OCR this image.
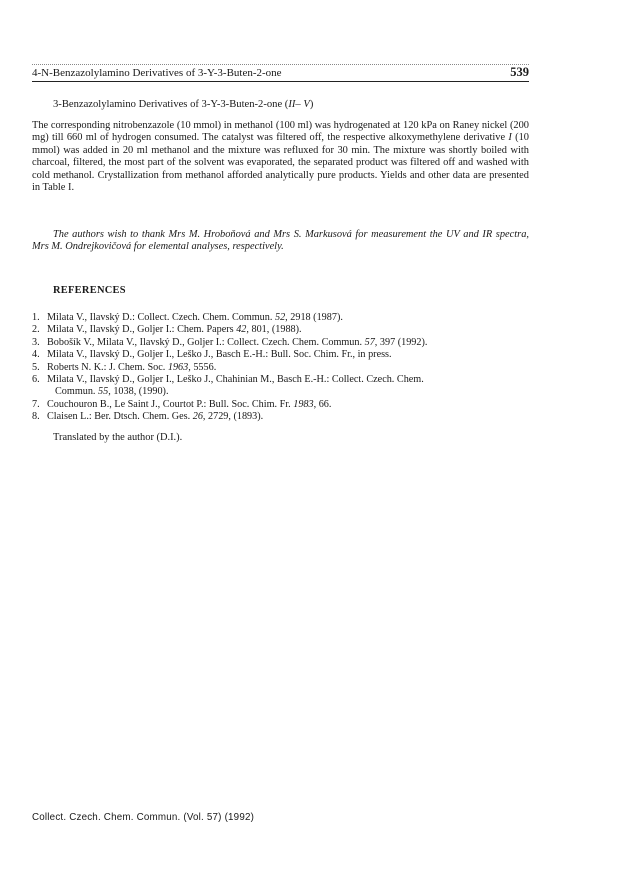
4-N-Benzazolylamino Derivatives of 3-Y-3-Buten-2-one	539
3-Benzazolylamino Derivatives of 3-Y-3-Buten-2-one (II– V)

The corresponding nitrobenzazole (10 mmol) in methanol (100 ml) was hydrogenated at 120 kPa on Raney nickel (200 mg) till 660 ml of hydrogen consumed. The catalyst was filtered off, the respective alkoxymethylene derivative I (10 mmol) was added in 20 ml methanol and the mixture was refluxed for 30 min. The mixture was shortly boiled with charcoal, filtered, the most part of the solvent was evaporated, the separated product was filtered off and washed with cold methanol. Crystallization from methanol afforded analytically pure products. Yields and other data are presented in Table I.

The authors wish to thank Mrs M. Hroboňová and Mrs S. Markusová for measurement the UV and IR spectra, Mrs M. Ondrejkovičová for elemental analyses, respectively.

REFERENCES
1. Milata V., Ilavský D.: Collect. Czech. Chem. Commun. 52, 2918 (1987).
2. Milata V., Ilavský D., Goljer I.: Chem. Papers 42, 801, (1988).
3. Bobošík V., Milata V., Ilavský D., Goljer I.: Collect. Czech. Chem. Commun. 57, 397 (1992).
4. Milata V., Ilavský D., Goljer I., Leško J., Basch E.-H.: Bull. Soc. Chim. Fr., in press.
5. Roberts N. K.: J. Chem. Soc. 1963, 5556.
6. Milata V., Ilavský D., Goljer I., Leško J., Chahinian M., Basch E.-H.: Collect. Czech. Chem.
Commun. 55, 1038, (1990).
7. Couchouron B., Le Saint J., Courtot P.: Bull. Soc. Chim. Fr. 1983, 66.
8. Claisen L.: Ber. Dtsch. Chem. Ges. 26, 2729, (1893).
Translated by the author (D.I.).
Collect. Czech. Chem. Commun. (Vol. 57) (1992)
